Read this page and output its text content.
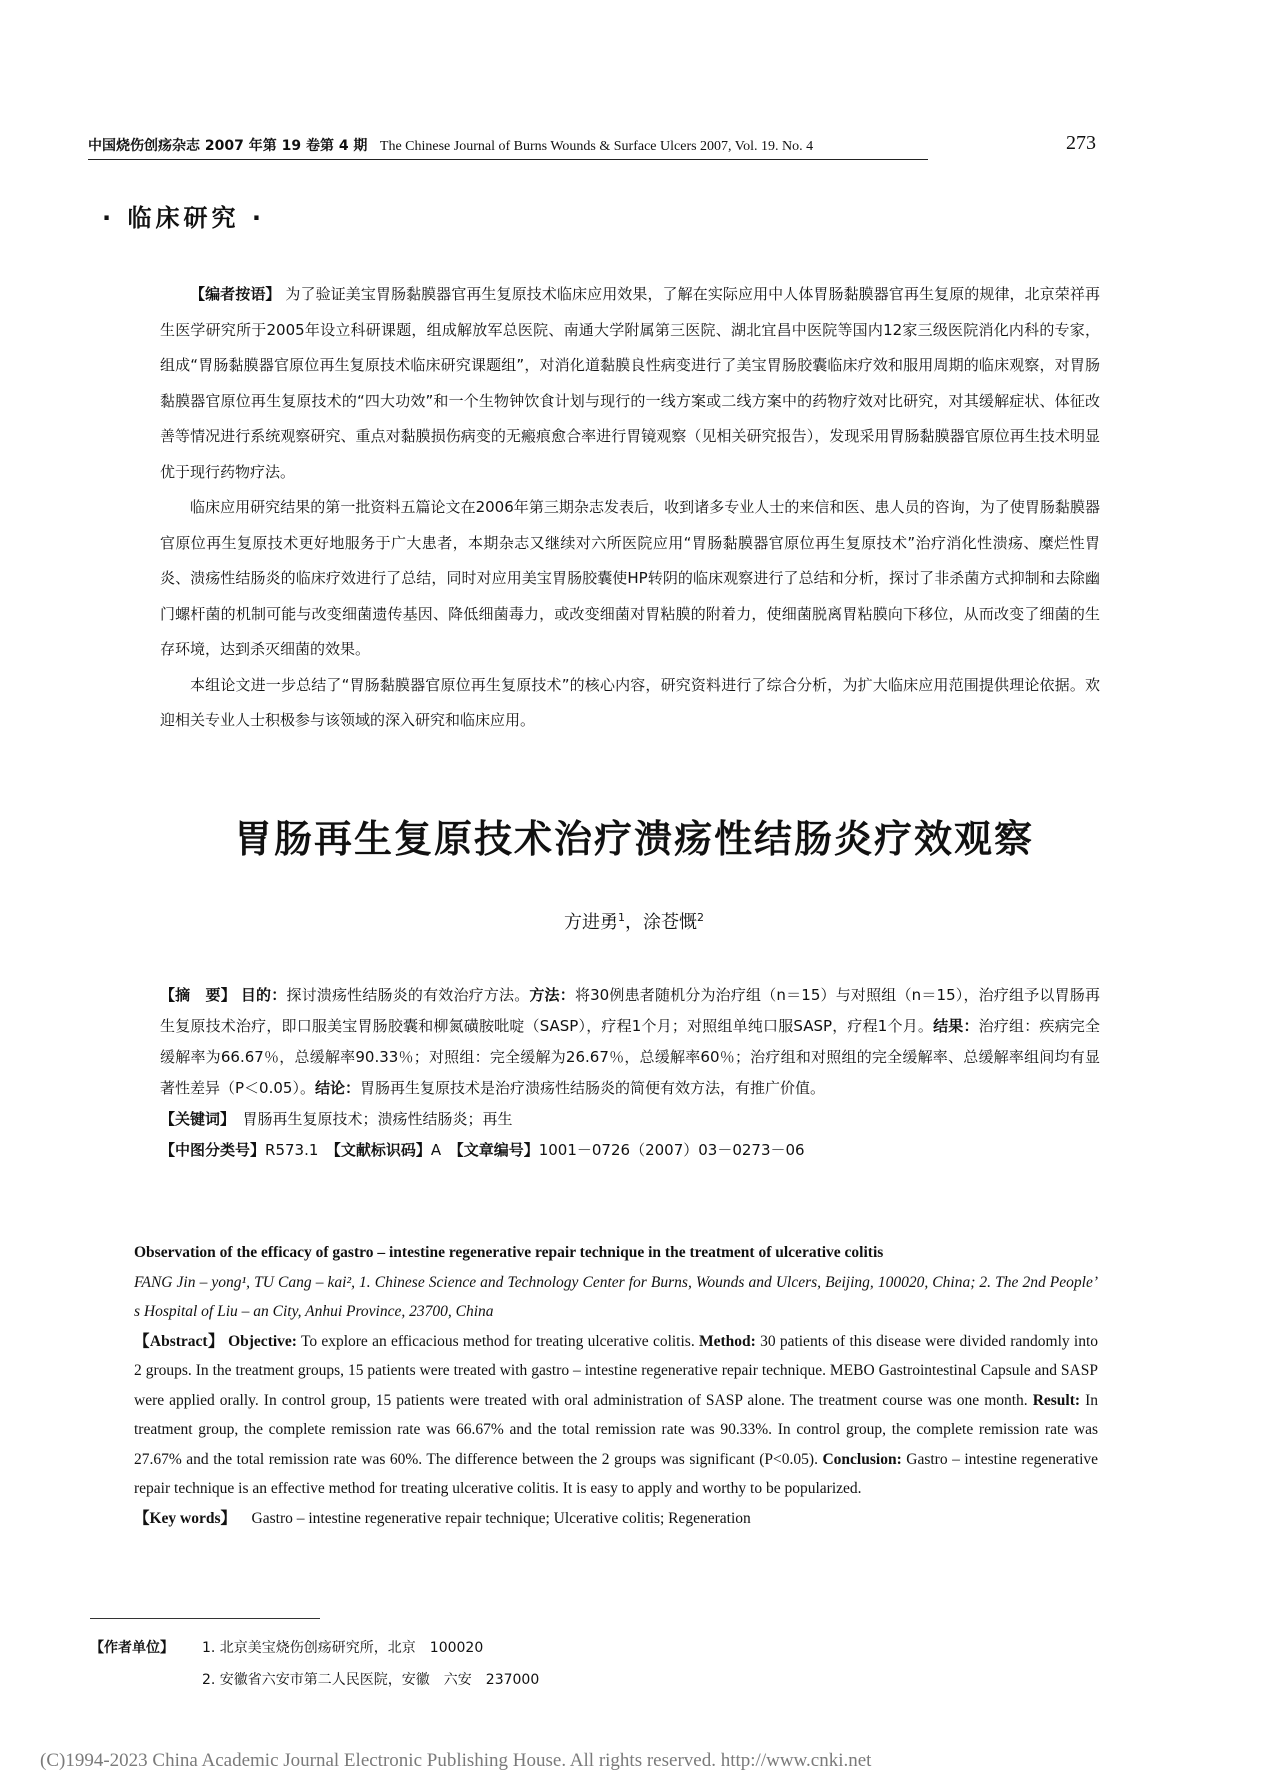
中国烧伤创疡杂志 2007 年第 19 卷第 4 期 The Chinese Journal of Burns Wounds & Surface Ulcers 2007, Vol. 19. No. 4	273
· 临床研究 ·

【编者按语】 为了验证美宝胃肠黏膜器官再生复原技术临床应用效果，了解在实际应用中人体胃肠黏膜器官再生复原的规律，北京荣祥再生医学研究所于2005年设立科研课题，组成解放军总医院、南通大学附属第三医院、湖北宜昌中医院等国内12家三级医院消化内科的专家，组成“胃肠黏膜器官原位再生复原技术临床研究课题组”，对消化道黏膜良性病变进行了美宝胃肠胶囊临床疗效和服用周期的临床观察，对胃肠黏膜器官原位再生复原技术的“四大功效”和一个生物钟饮食计划与现行的一线方案或二线方案中的药物疗效对比研究，对其缓解症状、体征改善等情况进行系统观察研究、重点对黏膜损伤病变的无瘢痕愈合率进行胃镜观察（见相关研究报告），发现采用胃肠黏膜器官原位再生技术明显优于现行药物疗法。

临床应用研究结果的第一批资料五篇论文在2006年第三期杂志发表后，收到诸多专业人士的来信和医、患人员的咨询，为了使胃肠黏膜器官原位再生复原技术更好地服务于广大患者，本期杂志又继续对六所医院应用“胃肠黏膜器官原位再生复原技术”治疗消化性溃疡、糜烂性胃炎、溃疡性结肠炎的临床疗效进行了总结，同时对应用美宝胃肠胶囊使HP转阴的临床观察进行了总结和分析，探讨了非杀菌方式抑制和去除幽门螺杆菌的机制可能与改变细菌遗传基因、降低细菌毒力，或改变细菌对胃粘膜的附着力，使细菌脱离胃粘膜向下移位，从而改变了细菌的生存环境，达到杀灭细菌的效果。

本组论文进一步总结了“胃肠黏膜器官原位再生复原技术”的核心内容，研究资料进行了综合分析，为扩大临床应用范围提供理论依据。欢迎相关专业人士积极参与该领域的深入研究和临床应用。

胃肠再生复原技术治疗溃疡性结肠炎疗效观察
方进勇$^1$，涂苍慨$^2$

【摘　要】 目的：探讨溃疡性结肠炎的有效治疗方法。方法：将30例患者随机分为治疗组（n＝15）与对照组（n＝15），治疗组予以胃肠再生复原技术治疗，即口服美宝胃肠胶囊和柳氮磺胺吡啶（SASP），疗程1个月；对照组单纯口服SASP，疗程1个月。结果：治疗组：疾病完全缓解率为66.67％，总缓解率90.33％；对照组：完全缓解为26.67％，总缓解率60％；治疗组和对照组的完全缓解率、总缓解率组间均有显著性差异（P＜0.05）。结论：胃肠再生复原技术是治疗溃疡性结肠炎的简便有效方法，有推广价值。

【关键词】　 胃肠再生复原技术；溃疡性结肠炎；再生

【中图分类号】R573.1　 【文献标识码】A　 【文章编号】1001－0726（2007）03－0273－06

Observation of the efficacy of gastro – intestine regenerative repair technique in the treatment of ulcerative colitis

FANG Jin – yong¹, TU Cang – kai², 1. Chinese Science and Technology Center for Burns, Wounds and Ulcers, Beijing, 100020, China; 2. The 2nd People’ s Hospital of Liu – an City, Anhui Province, 23700, China

【Abstract】 Objective: To explore an efficacious method for treating ulcerative colitis. Method: 30 patients of this disease were divided randomly into 2 groups. In the treatment groups, 15 patients were treated with gastro – intestine regenerative repair technique. MEBO Gastrointestinal Capsule and SASP were applied orally. In control group, 15 patients were treated with oral administration of SASP alone. The treatment course was one month. Result: In treatment group, the complete remission rate was 66.67% and the total remission rate was 90.33%. In control group, the complete remission rate was 27.67% and the total remission rate was 60%. The difference between the 2 groups was significant (P<0.05). Conclusion: Gastro – intestine regenerative repair technique is an effective method for treating ulcerative colitis. It is easy to apply and worthy to be popularized.

【Key words】 Gastro – intestine regenerative repair technique; Ulcerative colitis; Regeneration

【作者单位】 1. 北京美宝烧伤创疡研究所，北京　100020
2. 安徽省六安市第二人民医院，安徽　六安　237000
(C)1994-2023 China Academic Journal Electronic Publishing House. All rights reserved. http://www.cnki.net
